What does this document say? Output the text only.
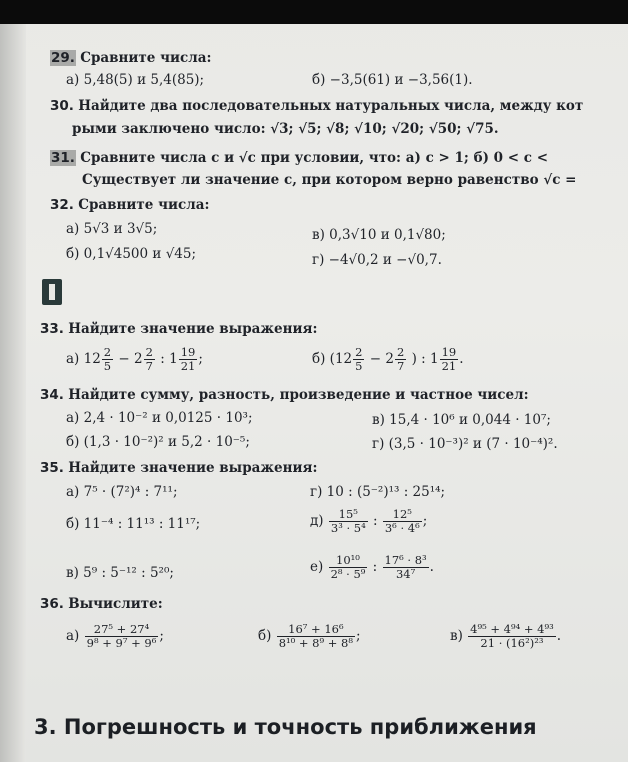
29. Сравните числа:
а) 5,48(5) и 5,4(85);	б) −3,5(61) и −3,56(1).
30. Найдите два последовательных натуральных числа, между кот
рыми заключено число: √3; √5; √8; √10; √20; √50; √75.
31. Сравните числа c и √c при условии, что: а) c > 1; б) 0 < c <
Существует ли значение c, при котором верно равенство √c =
32. Сравните числа:
а) 5√3 и 3√5;	в) 0,3√10 и 0,1√80;
б) 0,1√4500 и √45;	г) −4√0,2 и −√0,7.
33. Найдите значение выражения:
а) $12 \frac{2}{5} - 2 \frac{2}{7}$ : $1 \frac{19}{21}$ ;	б) ($12 \frac{2}{5} - 2 \frac{2}{7}$ ) : $1 \frac{19}{21}$ .
34. Найдите сумму, разность, произведение и частное чисел:
а) 2,4 · 10⁻² и 0,0125 · 10³;	в) 15,4 · 10⁶ и 0,044 · 10⁷;
б) (1,3 · 10⁻²)² и 5,2 · 10⁻⁵;	г) (3,5 · 10⁻³)² и (7 · 10⁻⁴)².
35. Найдите значение выражения:
а) 7⁵ · (7²)⁴ : 7¹¹;	г) 10 : (5⁻²)¹³ : 25¹⁴;
б) 11⁻⁴ : 11¹³ : 11¹⁷;	$д) \frac{\text{15⁵}}{\text{3³ · 5⁴}}$ : $\frac{\text{12⁵}}{\text{3⁶ · 4⁶}}$ ;
в) 5⁹ : 5⁻¹² : 5²⁰;	$е) \frac{\text{10¹⁰}}{\text{2⁸ · 5⁹}}$ : $\frac{\text{17⁶ · 8³}}{\text{34⁷}}$ .
36. Вычислите:
$а) \frac{\text{27⁵ + 27⁴}}{\text{9⁸ + 9⁷ + 9⁶}}$ ;	$б) \frac{\text{16⁷ + 16⁶}}{\text{8¹⁰ + 8⁹ + 8⁸}}$ ;	$в) \frac{\text{4⁹⁵ + 4⁹⁴ + 4⁹³}}{\text{21 · (16²)²³}}$ .
3. Погрешность и точность приближения
